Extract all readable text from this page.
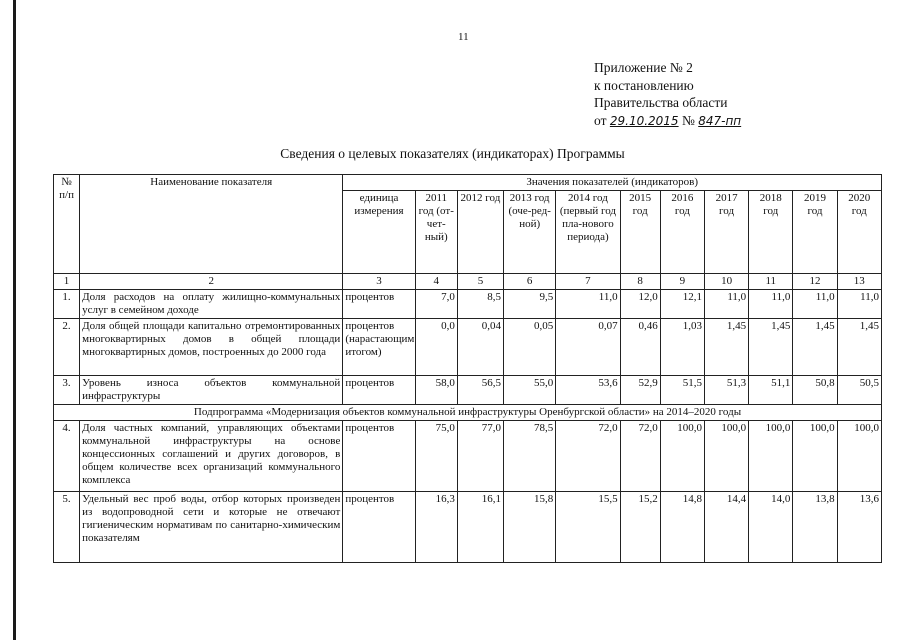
11
Приложение № 2
к постановлению
Правительства области
от 29.10.2015 № 847-пп
Сведения о целевых показателях (индикаторах) Программы
№ п/п	Наименование показателя	Значения показателей (индикаторов)										
		единица измерения	2011 год (от-чет-ный)	2012 год	2013 год (оче-ред-ной)	2014 год (первый год пла-нового периода)	2015 год	2016 год	2017 год	2018 год	2019 год	2020 год
1	2	3	4	5	6	7	8	9	10	11	12	13
1.	Доля расходов на оплату жилищно-коммунальных услуг в семейном доходе	процентов	7,0	8,5	9,5	11,0	12,0	12,1	11,0	11,0	11,0	11,0
2.	Доля общей площади капитально отремонтированных многоквартирных домов в общей площади многоквартирных домов, построенных до 2000 года	процентов (нарастающим итогом)	0,0	0,04	0,05	0,07	0,46	1,03	1,45	1,45	1,45	1,45
3.	Уровень износа объектов коммунальной инфраструктуры	процентов	58,0	56,5	55,0	53,6	52,9	51,5	51,3	51,1	50,8	50,5
Подпрограмма «Модернизация объектов коммунальной инфраструктуры Оренбургской области» на 2014–2020 годы												
4.	Доля частных компаний, управляющих объектами коммунальной инфраструктуры на основе концессионных соглашений и других договоров, в общем количестве всех организаций коммунального комплекса	процентов	75,0	77,0	78,5	72,0	72,0	100,0	100,0	100,0	100,0	100,0
5.	Удельный вес проб воды, отбор которых произведен из водопроводной сети и которые не отвечают гигиеническим нормативам по санитарно-химическим показателям	процентов	16,3	16,1	15,8	15,5	15,2	14,8	14,4	14,0	13,8	13,6
